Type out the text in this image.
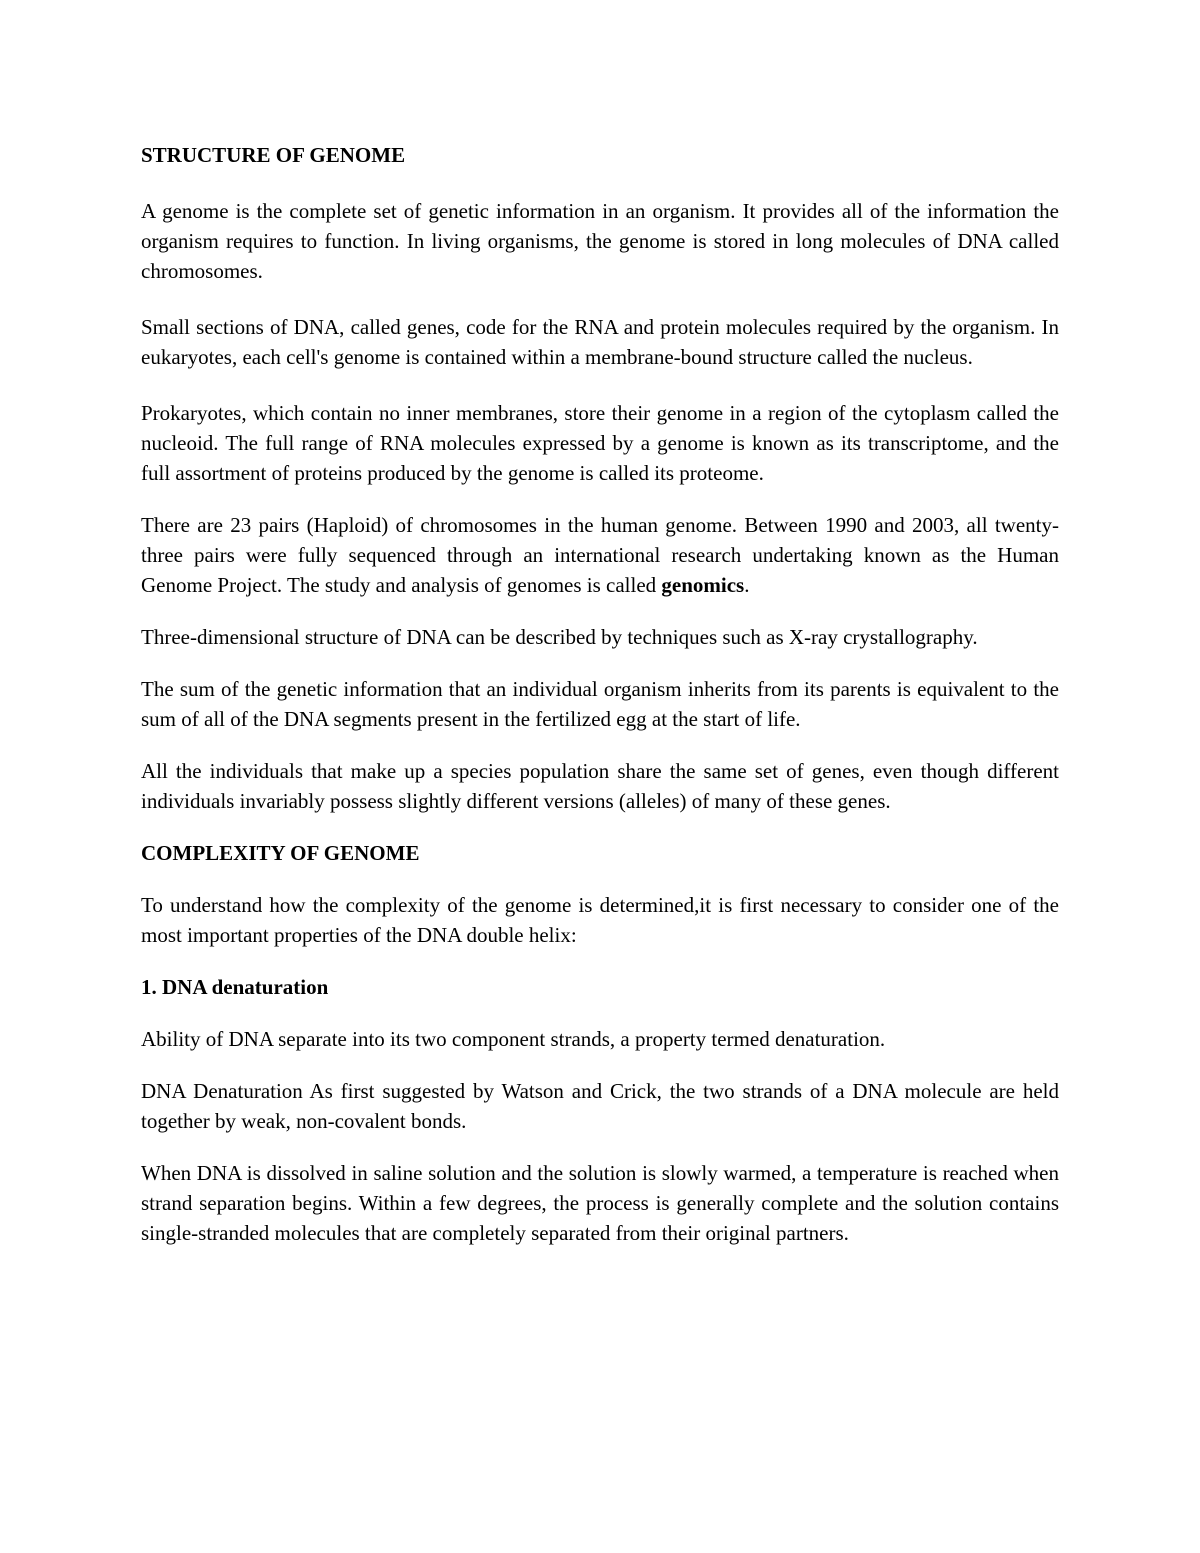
STRUCTURE OF GENOME

A genome is the complete set of genetic information in an organism. It provides all of the information the organism requires to function. In living organisms, the genome is stored in long molecules of DNA called chromosomes.

Small sections of DNA, called genes, code for the RNA and protein molecules required by the organism. In eukaryotes, each cell's genome is contained within a membrane-bound structure called the nucleus.

Prokaryotes, which contain no inner membranes, store their genome in a region of the cytoplasm called the nucleoid. The full range of RNA molecules expressed by a genome is known as its transcriptome, and the full assortment of proteins produced by the genome is called its proteome.

There are 23 pairs (Haploid) of chromosomes in the human genome. Between 1990 and 2003, all twenty-three pairs were fully sequenced through an international research undertaking known as the Human Genome Project. The study and analysis of genomes is called genomics.

Three-dimensional structure of DNA can be described by techniques such as X-ray crystallography.

The sum of the genetic information that an individual organism inherits from its parents is equivalent to the sum of all of the DNA segments present in the fertilized egg at the start of life.

All the individuals that make up a species population share the same set of genes, even though different individuals invariably possess slightly different versions (alleles) of many of these genes.

COMPLEXITY OF GENOME

To understand how the complexity of the genome is determined,it is first necessary to consider one of the most important properties of the DNA double helix:

1. DNA denaturation

Ability of DNA separate into its two component strands, a property termed denaturation.

DNA Denaturation As first suggested by Watson and Crick, the two strands of a DNA molecule are held together by weak, non-covalent bonds.

When DNA is dissolved in saline solution and the solution is slowly warmed, a temperature is reached when strand separation begins. Within a few degrees, the process is generally complete and the solution contains single-stranded molecules that are completely separated from their original partners.
